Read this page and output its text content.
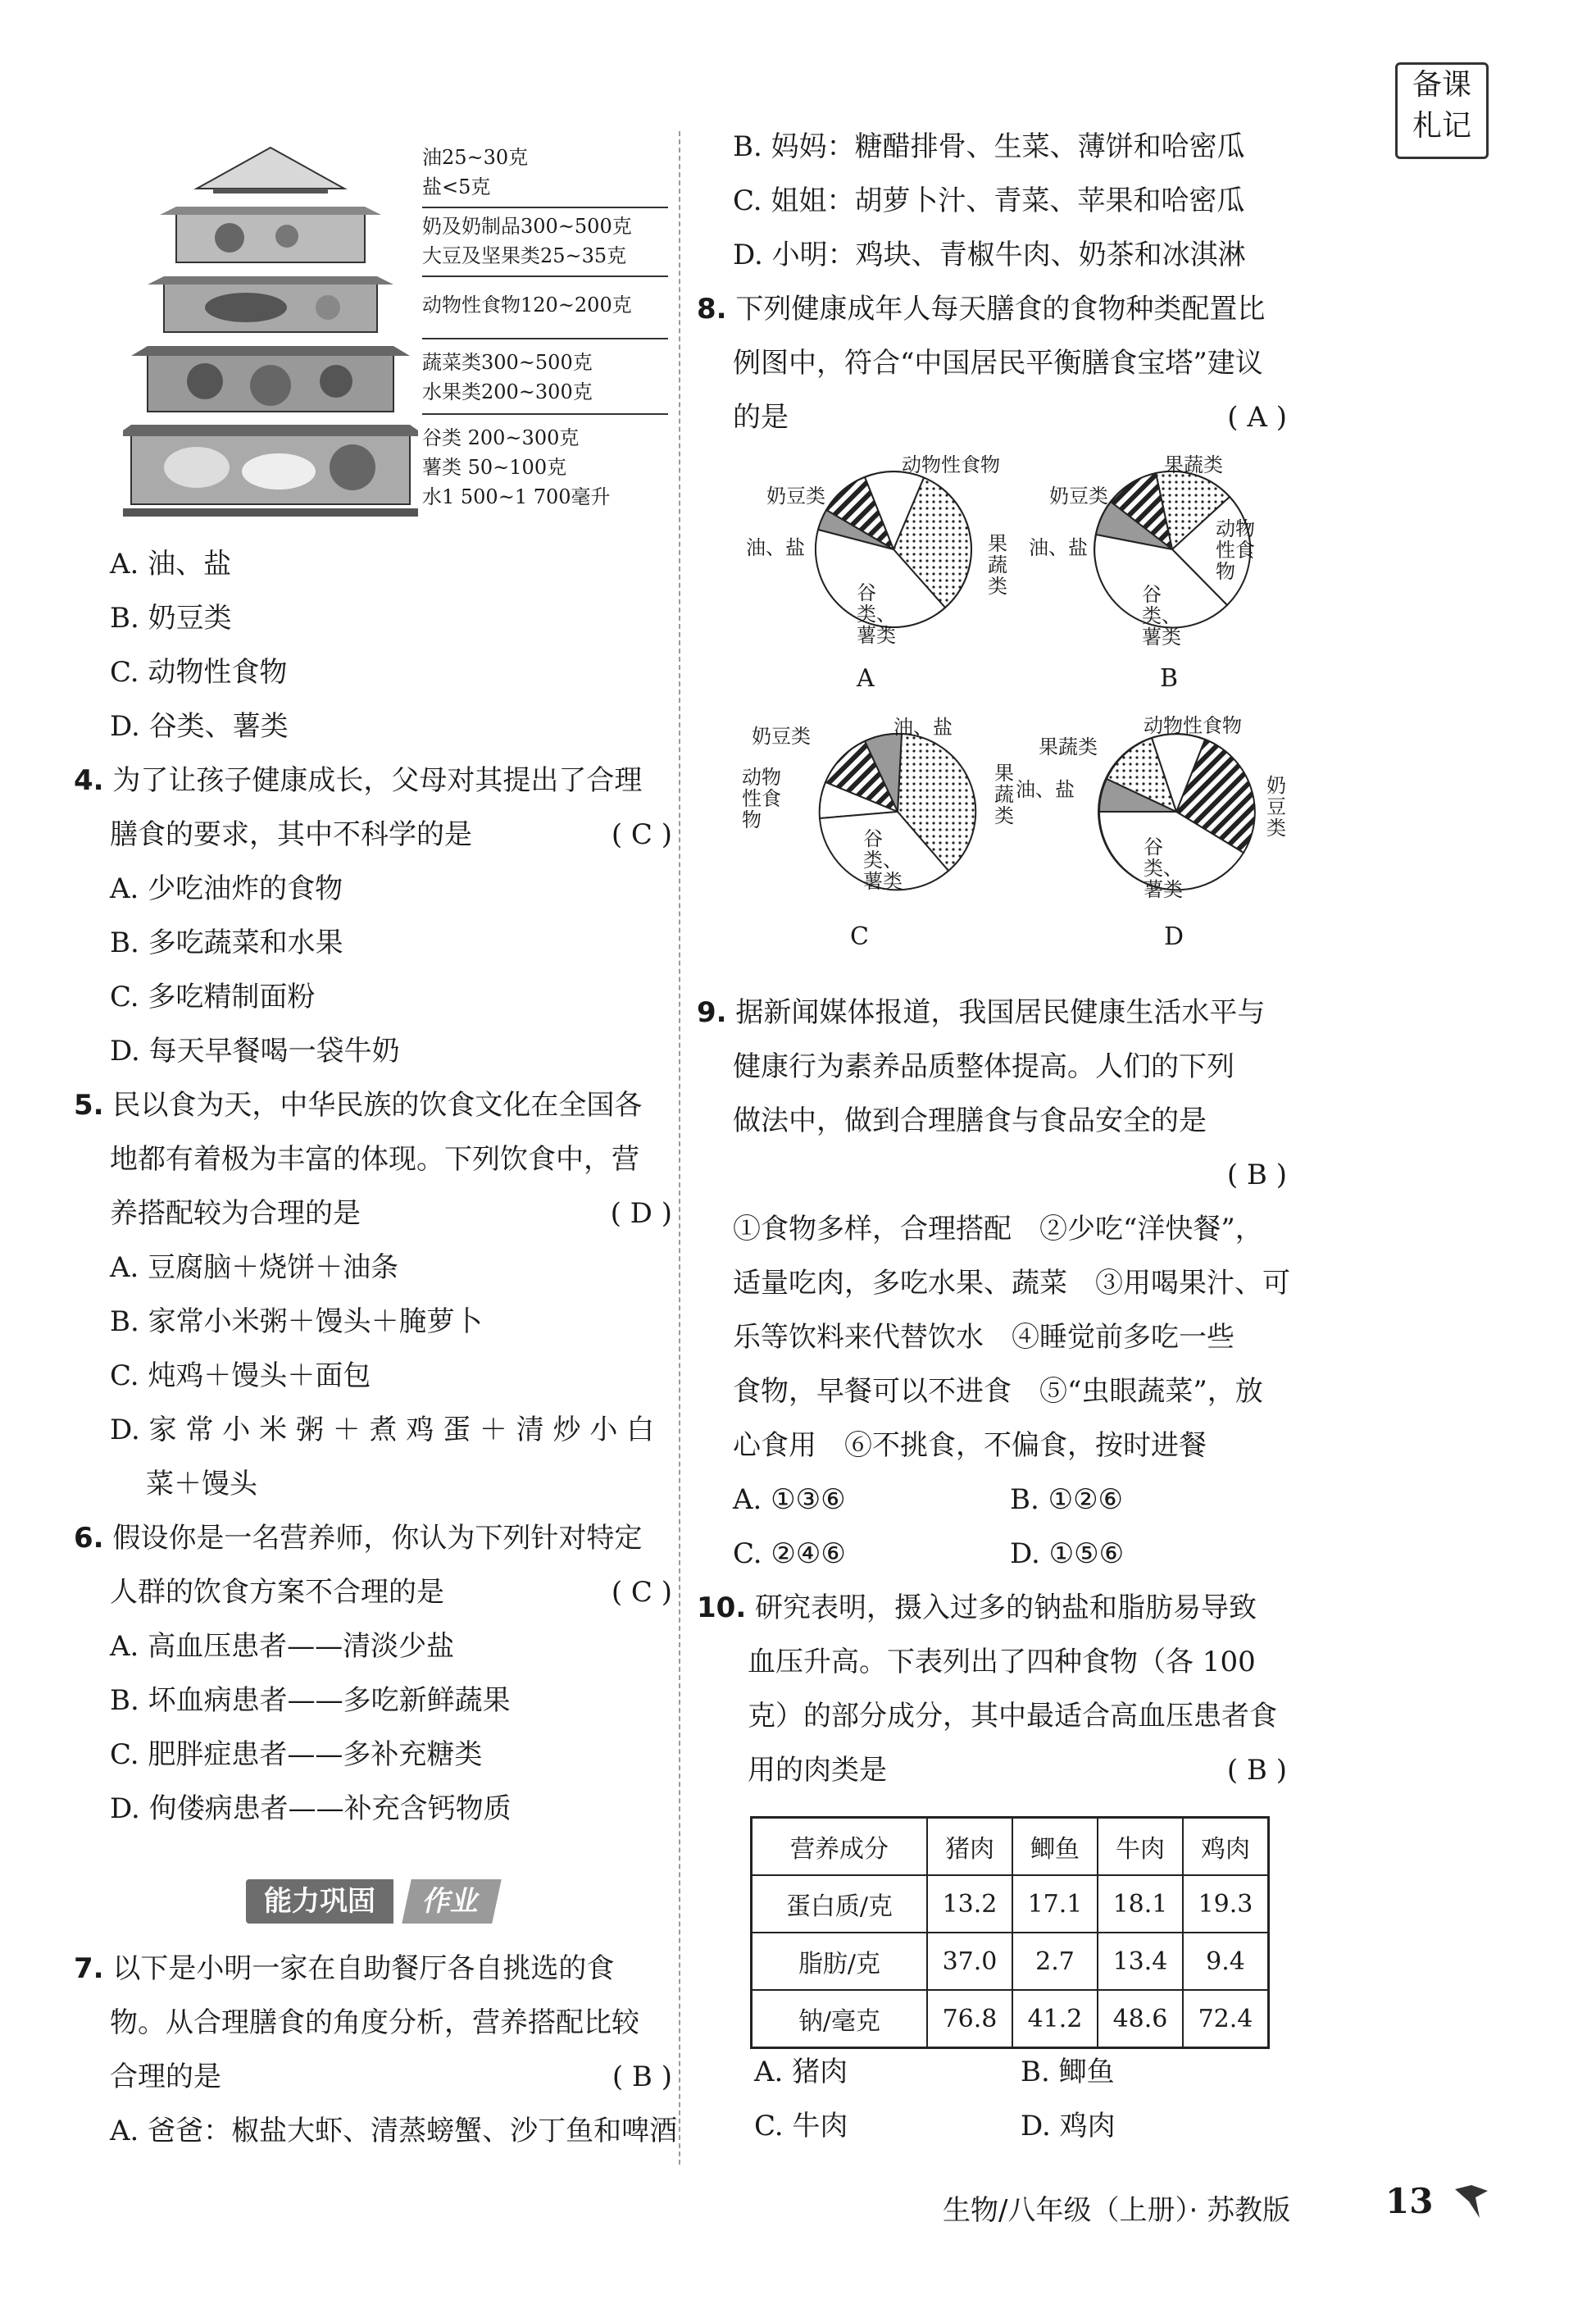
备课
札记
油25~30克
盐<5克
奶及奶制品300~500克
大豆及坚果类25~35克
动物性食物120~200克
蔬菜类300~500克
水果类200~300克
谷类 200~300克
薯类 50~100克
水1 500~1 700毫升
A. 油、盐
B. 奶豆类
C. 动物性食物
D. 谷类、薯类
4. 为了让孩子健康成长，父母对其提出了合理
膳食的要求，其中不科学的是	( C )
A. 少吃油炸的食物
B. 多吃蔬菜和水果
C. 多吃精制面粉
D. 每天早餐喝一袋牛奶
5. 民以食为天，中华民族的饮食文化在全国各
地都有着极为丰富的体现。下列饮食中，营
养搭配较为合理的是	( D )
A. 豆腐脑＋烧饼＋油条
B. 家常小米粥＋馒头＋腌萝卜
C. 炖鸡＋馒头＋面包
D. 家 常 小 米 粥 ＋ 煮 鸡 蛋 ＋ 清 炒 小 白
菜＋馒头
6. 假设你是一名营养师，你认为下列针对特定
人群的饮食方案不合理的是	( C )
A. 高血压患者——清淡少盐
B. 坏血病患者——多吃新鲜蔬果
C. 肥胖症患者——多补充糖类
D. 佝偻病患者——补充含钙物质
能力巩固	作业
7. 以下是小明一家在自助餐厅各自挑选的食
物。从合理膳食的角度分析，营养搭配比较
合理的是	( B )
A. 爸爸：椒盐大虾、清蒸螃蟹、沙丁鱼和啤酒
B. 妈妈：糖醋排骨、生菜、薄饼和哈密瓜
C. 姐姐：胡萝卜汁、青菜、苹果和哈密瓜
D. 小明：鸡块、青椒牛肉、奶茶和冰淇淋
8. 下列健康成年人每天膳食的食物种类配置比
例图中，符合“中国居民平衡膳食宝塔”建议
的是	( A )
动物性食物
果蔬类
谷类、薯类
油、盐
奶豆类
A
果蔬类
动物性食物
谷类、薯类
油、盐
奶豆类
B
油、盐
果蔬类
谷类、薯类
动物性食物
奶豆类
C
动物性食物
奶豆类
谷类、薯类
油、盐
果蔬类
D
9. 据新闻媒体报道，我国居民健康生活水平与
健康行为素养品质整体提高。人们的下列
做法中，做到合理膳食与食品安全的是
( B )

①食物多样，合理搭配　②少吃“洋快餐”，
适量吃肉，多吃水果、蔬菜　③用喝果汁、可
乐等饮料来代替饮水　④睡觉前多吃一些
食物，早餐可以不进食　⑤“虫眼蔬菜”，放
心食用　⑥不挑食，不偏食，按时进餐
A. ①③⑥	B. ①②⑥
C. ②④⑥	D. ①⑤⑥
10. 研究表明，摄入过多的钠盐和脂肪易导致
血压升高。下表列出了四种食物（各 100
克）的部分成分，其中最适合高血压患者食
用的肉类是	( B )
营养成分	猪肉	鲫鱼	牛肉	鸡肉
蛋白质/克	13.2	17.1	18.1	19.3
脂肪/克	37.0	2.7	13.4	9.4
钠/毫克	76.8	41.2	48.6	72.4
A. 猪肉	B. 鲫鱼
C. 牛肉	D. 鸡肉
生物/八年级（上册）· 苏教版	13
